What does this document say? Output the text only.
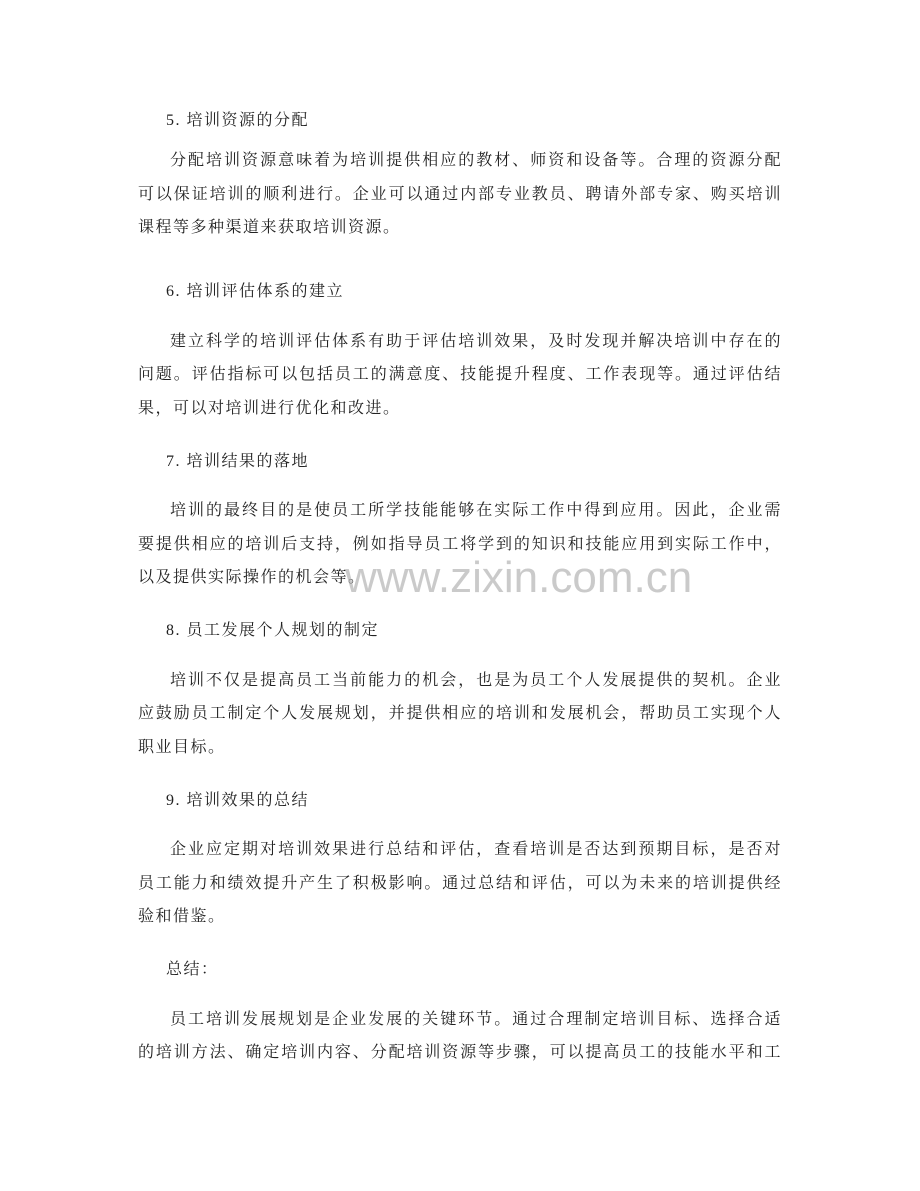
5. 培训资源的分配
分配培训资源意味着为培训提供相应的教材、师资和设备等。合理的资源分配
可以保证培训的顺利进行。企业可以通过内部专业教员、聘请外部专家、购买培训
课程等多种渠道来获取培训资源。
6. 培训评估体系的建立
建立科学的培训评估体系有助于评估培训效果，及时发现并解决培训中存在的
问题。评估指标可以包括员工的满意度、技能提升程度、工作表现等。通过评估结
果，可以对培训进行优化和改进。
7. 培训结果的落地
培训的最终目的是使员工所学技能能够在实际工作中得到应用。因此，企业需
要提供相应的培训后支持，例如指导员工将学到的知识和技能应用到实际工作中，
以及提供实际操作的机会等。
8. 员工发展个人规划的制定
培训不仅是提高员工当前能力的机会，也是为员工个人发展提供的契机。企业
应鼓励员工制定个人发展规划，并提供相应的培训和发展机会，帮助员工实现个人
职业目标。
9. 培训效果的总结
企业应定期对培训效果进行总结和评估，查看培训是否达到预期目标，是否对
员工能力和绩效提升产生了积极影响。通过总结和评估，可以为未来的培训提供经
验和借鉴。
总结：
员工培训发展规划是企业发展的关键环节。通过合理制定培训目标、选择合适
的培训方法、确定培训内容、分配培训资源等步骤，可以提高员工的技能水平和工
www.zixin.com.cn
